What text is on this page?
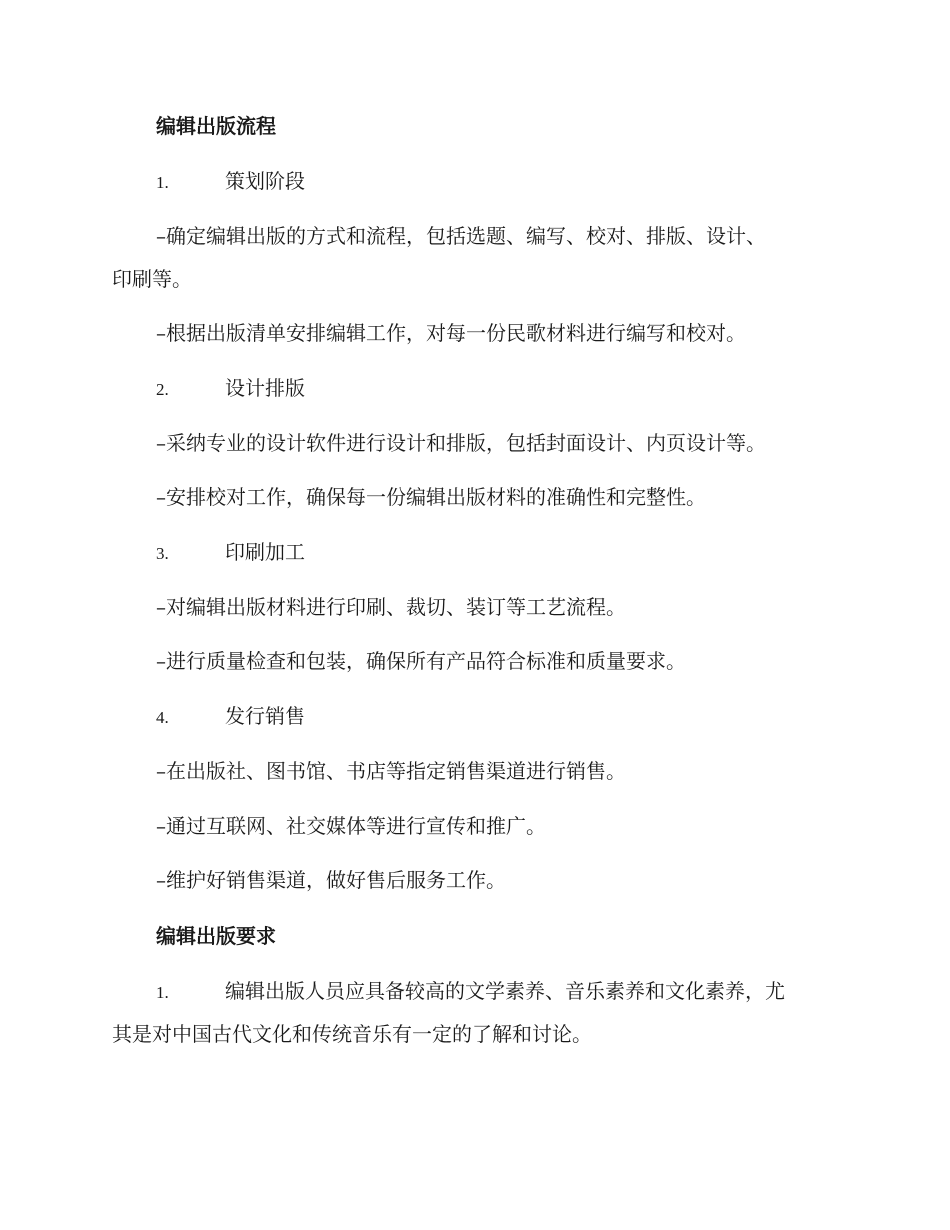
编辑出版流程
1.	策划阶段
–确定编辑出版的方式和流程，包括选题、编写、校对、排版、设计、
印刷等。
–根据出版清单安排编辑工作，对每一份民歌材料进行编写和校对。
2.	设计排版
–采纳专业的设计软件进行设计和排版，包括封面设计、内页设计等。
–安排校对工作，确保每一份编辑出版材料的准确性和完整性。
3.	印刷加工
–对编辑出版材料进行印刷、裁切、装订等工艺流程。
–进行质量检查和包装，确保所有产品符合标准和质量要求。
4.	发行销售
–在出版社、图书馆、书店等指定销售渠道进行销售。
–通过互联网、社交媒体等进行宣传和推广。
–维护好销售渠道，做好售后服务工作。
编辑出版要求
1.	编辑出版人员应具备较高的文学素养、音乐素养和文化素养，尤
其是对中国古代文化和传统音乐有一定的了解和讨论。
